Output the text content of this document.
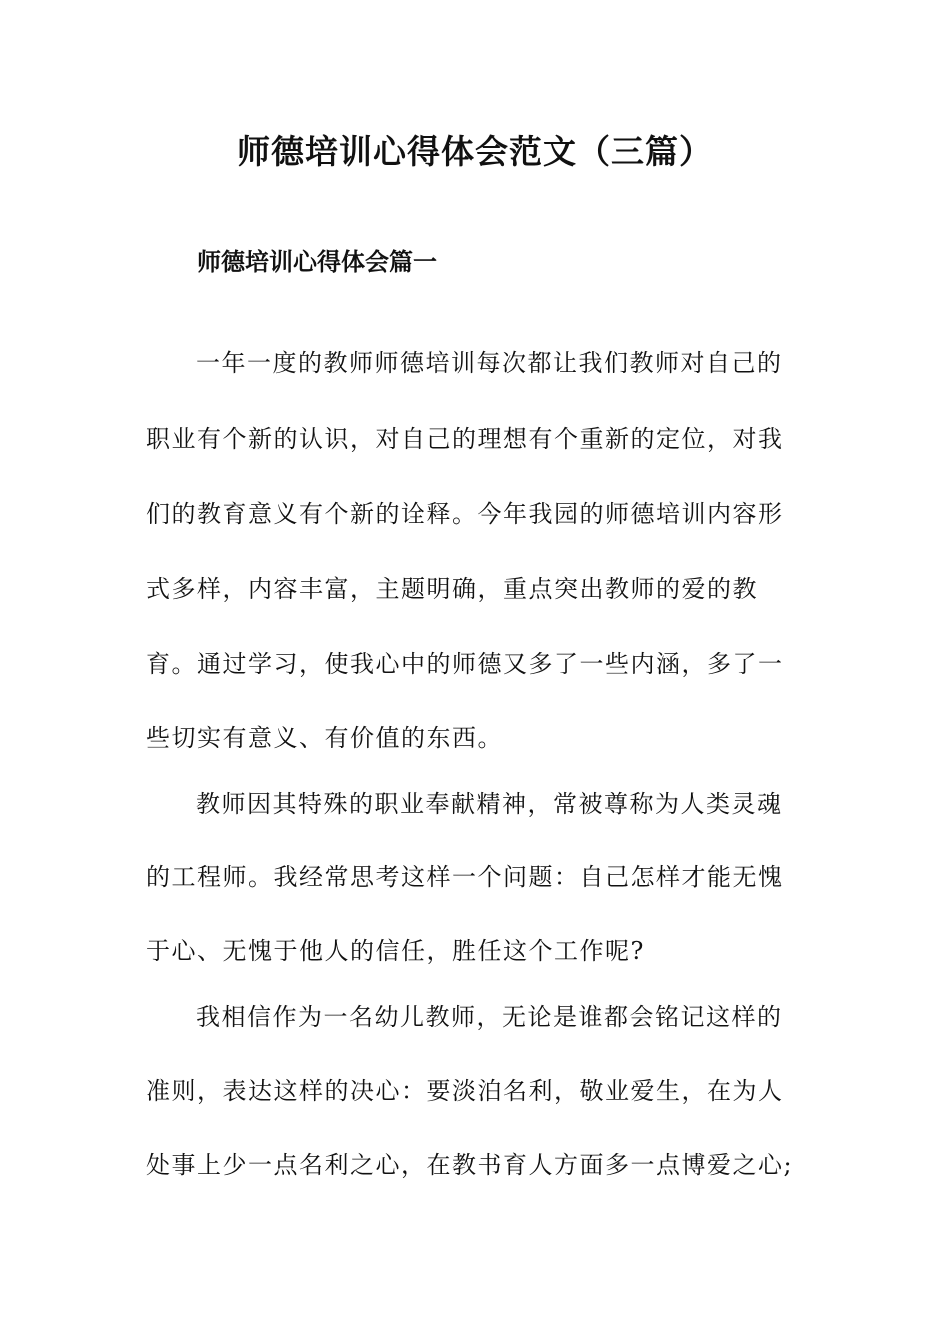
师德培训心得体会范文（三篇）
师德培训心得体会篇一

一年一度的教师师德培训每次都让我们教师对自己的

职业有个新的认识，对自己的理想有个重新的定位，对我

们的教育意义有个新的诠释。今年我园的师德培训内容形

式多样，内容丰富，主题明确，重点突出教师的爱的教

育。通过学习，使我心中的师德又多了一些内涵，多了一

些切实有意义、有价值的东西。

教师因其特殊的职业奉献精神，常被尊称为人类灵魂

的工程师。我经常思考这样一个问题：自己怎样才能无愧

于心、无愧于他人的信任，胜任这个工作呢?

我相信作为一名幼儿教师，无论是谁都会铭记这样的

准则，表达这样的决心：要淡泊名利，敬业爱生，在为人

处事上少一点名利之心，在教书育人方面多一点博爱之心;
